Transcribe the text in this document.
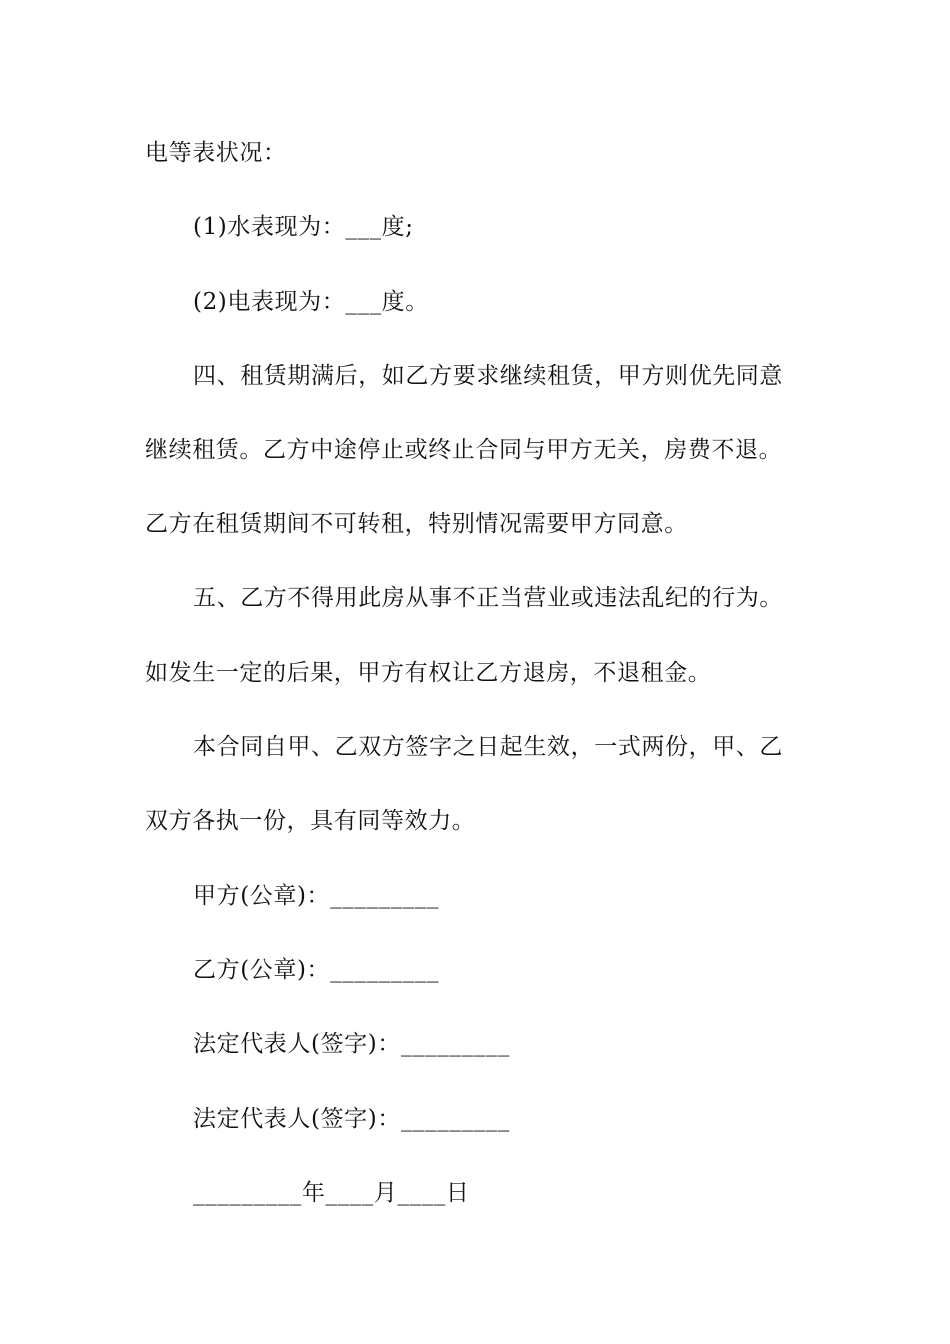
电等表状况：
(1)水表现为：___度;
(2)电表现为：___度。
四、租赁期满后，如乙方要求继续租赁，甲方则优先同意
继续租赁。乙方中途停止或终止合同与甲方无关，房费不退。
乙方在租赁期间不可转租，特别情况需要甲方同意。
五、乙方不得用此房从事不正当营业或违法乱纪的行为。
如发生一定的后果，甲方有权让乙方退房，不退租金。
本合同自甲、乙双方签字之日起生效，一式两份，甲、乙
双方各执一份，具有同等效力。
甲方(公章)：_________
乙方(公章)：_________
法定代表人(签字)：_________
法定代表人(签字)：_________
_________年____月____日
